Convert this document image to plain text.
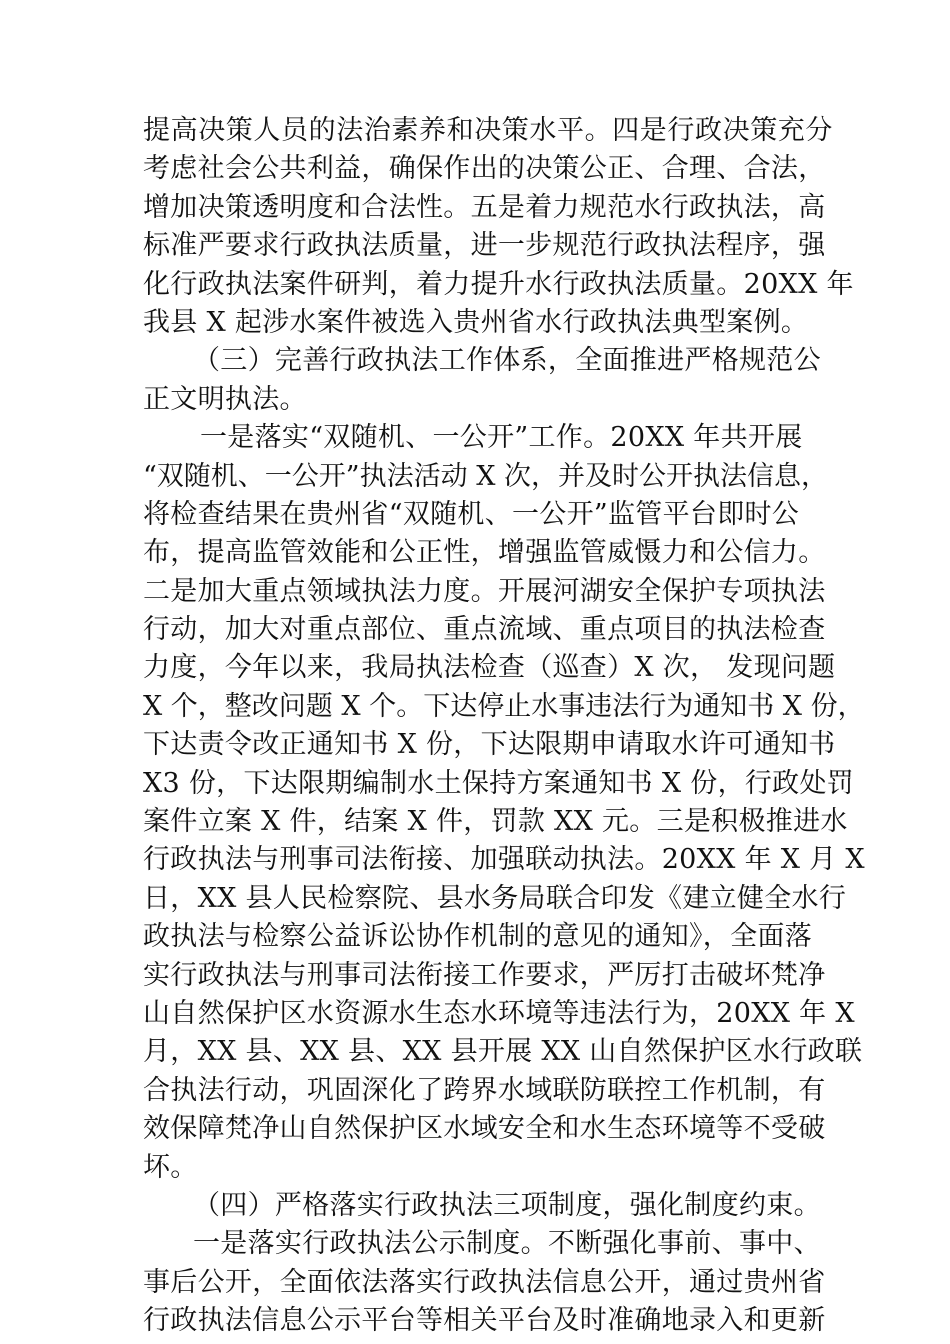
提高决策人员的法治素养和决策水平。四是行政决策充分
考虑社会公共利益，确保作出的决策公正、合理、合法，
增加决策透明度和合法性。五是着力规范水行政执法，高
标准严要求行政执法质量，进一步规范行政执法程序，强
化行政执法案件研判，着力提升水行政执法质量。20XX 年
我县 X 起涉水案件被选入贵州省水行政执法典型案例。
（三）完善行政执法工作体系，全面推进严格规范公
正文明执法。
一是落实“双随机、一公开”工作。20XX 年共开展
“双随机、一公开”执法活动 X 次，并及时公开执法信息，
将检查结果在贵州省“双随机、一公开”监管平台即时公
布，提高监管效能和公正性，增强监管威慑力和公信力。
二是加大重点领域执法力度。开展河湖安全保护专项执法
行动，加大对重点部位、重点流域、重点项目的执法检查
力度，今年以来，我局执法检查（巡查）X 次， 发现问题
X 个，整改问题 X 个。下达停止水事违法行为通知书 X 份，
下达责令改正通知书 X 份，下达限期申请取水许可通知书
X3 份，下达限期编制水土保持方案通知书 X 份，行政处罚
案件立案 X 件，结案 X 件，罚款 XX 元。三是积极推进水
行政执法与刑事司法衔接、加强联动执法。20XX 年 X 月 X
日，XX 县人民检察院、县水务局联合印发《建立健全水行
政执法与检察公益诉讼协作机制的意见的通知》，全面落
实行政执法与刑事司法衔接工作要求，严厉打击破坏梵净
山自然保护区水资源水生态水环境等违法行为，20XX 年 X
月，XX 县、XX 县、XX 县开展 XX 山自然保护区水行政联
合执法行动，巩固深化了跨界水域联防联控工作机制，有
效保障梵净山自然保护区水域安全和水生态环境等不受破
坏。
（四）严格落实行政执法三项制度，强化制度约束。
一是落实行政执法公示制度。不断强化事前、事中、
事后公开，全面依法落实行政执法信息公开，通过贵州省
行政执法信息公示平台等相关平台及时准确地录入和更新
